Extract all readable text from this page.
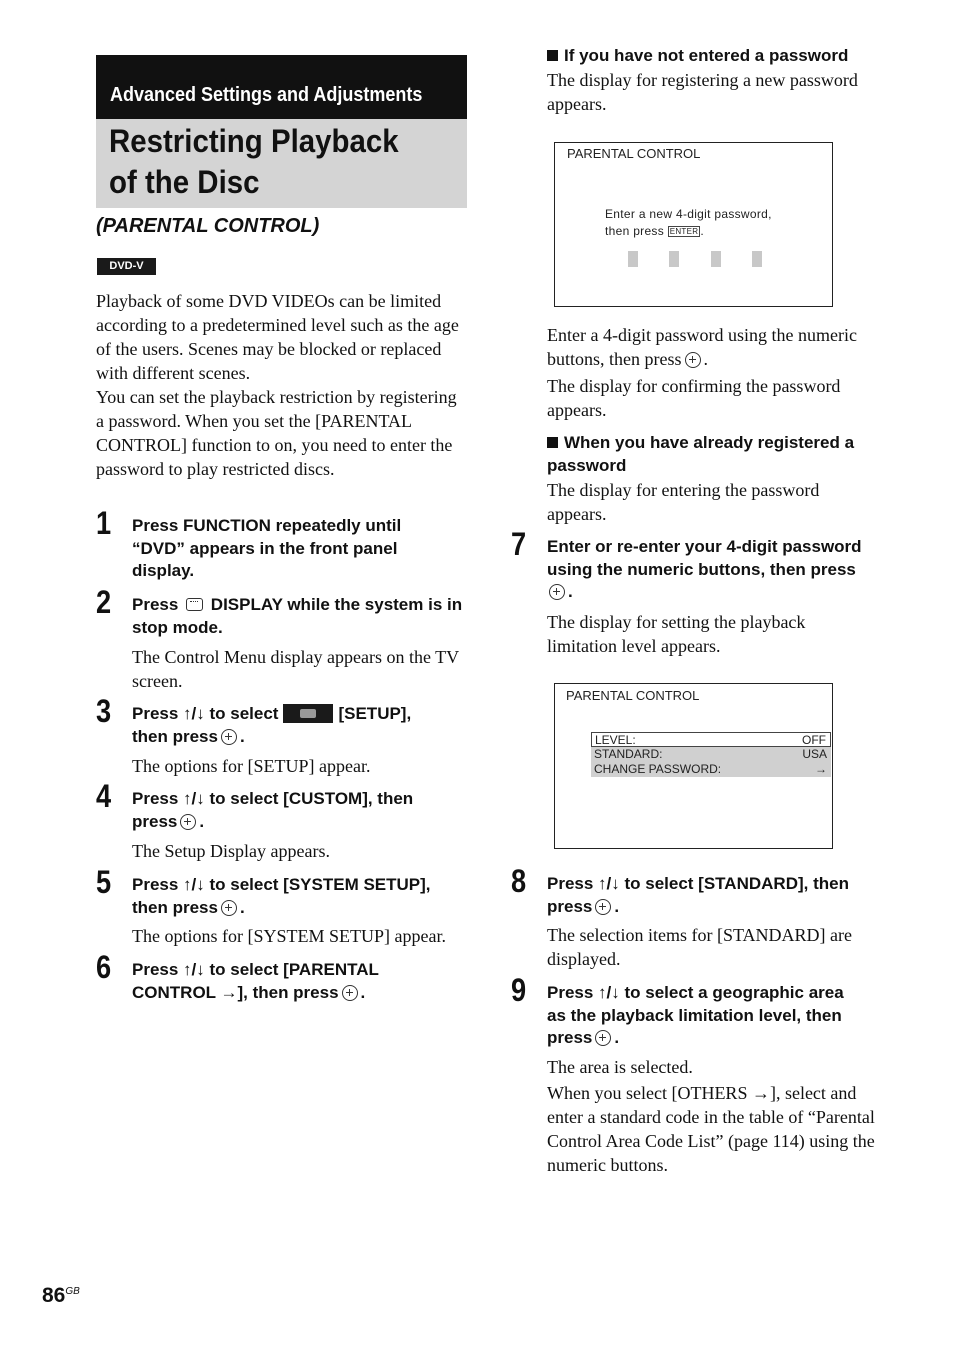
Advanced Settings and Adjustments
Restricting Playback of the Disc
(PARENTAL CONTROL)
DVD-V
Playback of some DVD VIDEOs can be limited according to a predetermined level such as the age of the users. Scenes may be blocked or replaced with different scenes.
You can set the playback restriction by registering a password. When you set the [PARENTAL CONTROL] function to on, you need to enter the password to play restricted discs.
1 Press FUNCTION repeatedly until “DVD” appears in the front panel display.
2 Press DISPLAY while the system is in stop mode.
The Control Menu display appears on the TV screen.
3 Press ↑/↓ to select	[SETUP],
then press .
The options for [SETUP] appear.
4 Press ↑/↓ to select [CUSTOM], then
press .
The Setup Display appears.
5 Press ↑/↓ to select [SYSTEM SETUP],
then press .
The options for [SYSTEM SETUP] appear.
6 Press ↑/↓ to select [PARENTAL
CONTROL →], then press .
If you have not entered a password
The display for registering a new password appears.
PARENTAL CONTROL
Enter a new 4-digit password,
then press ENTER .
Enter a 4-digit password using the numeric buttons, then press .
The display for confirming the password appears.
When you have already registered a
password
The display for entering the password appears.
7 Enter or re-enter your 4-digit password
using the numeric buttons, then press
.
The display for setting the playback limitation level appears.
PARENTAL CONTROL
LEVEL:	OFF
STANDARD:	USA
CHANGE PASSWORD:	→
8 Press ↑/↓ to select [STANDARD], then
press .
The selection items for [STANDARD] are displayed.
9 Press ↑/↓ to select a geographic area
as the playback limitation level, then
press .
The area is selected.
When you select [OTHERS →], select and enter a standard code in the table of “Parental Control Area Code List” (page 114) using the numeric buttons.
$86^{GB}$
